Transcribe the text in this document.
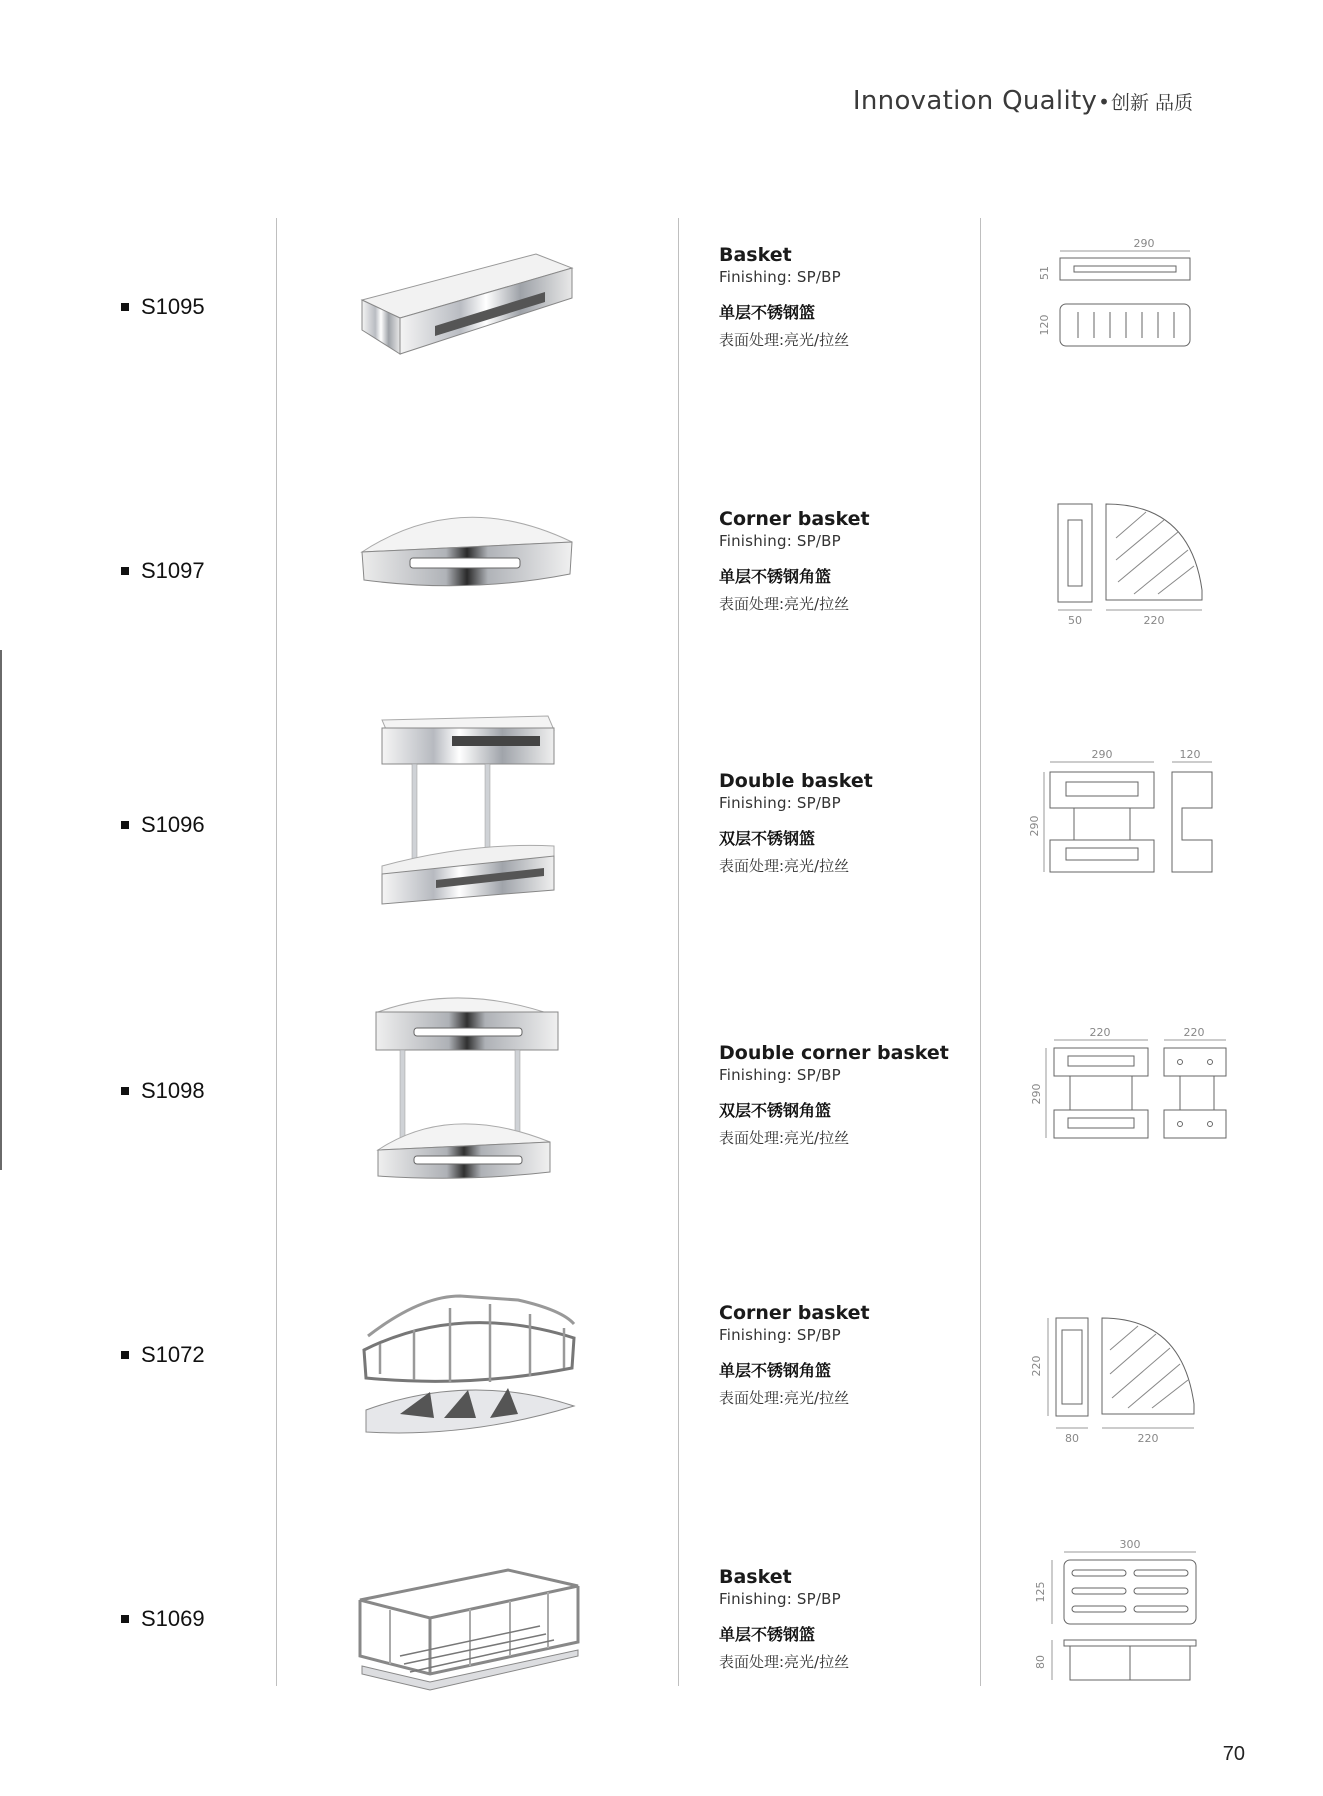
Innovation Quality•创新 品质
S1095
Basket
Finishing: SP/BP
单层不锈钢篮
表面处理:亮光/拉丝
290
51
120
S1097
Corner basket
Finishing: SP/BP
单层不锈钢角篮
表面处理:亮光/拉丝
50	220
S1096
Double basket
Finishing: SP/BP
双层不锈钢篮
表面处理:亮光/拉丝
290	120
290
S1098
Double corner basket
Finishing: SP/BP
双层不锈钢角篮
表面处理:亮光/拉丝
220	220
290
S1072
Corner basket
Finishing: SP/BP
单层不锈钢角篮
表面处理:亮光/拉丝
220
80	220
S1069
Basket
Finishing: SP/BP
单层不锈钢篮
表面处理:亮光/拉丝
300
125
80
70
